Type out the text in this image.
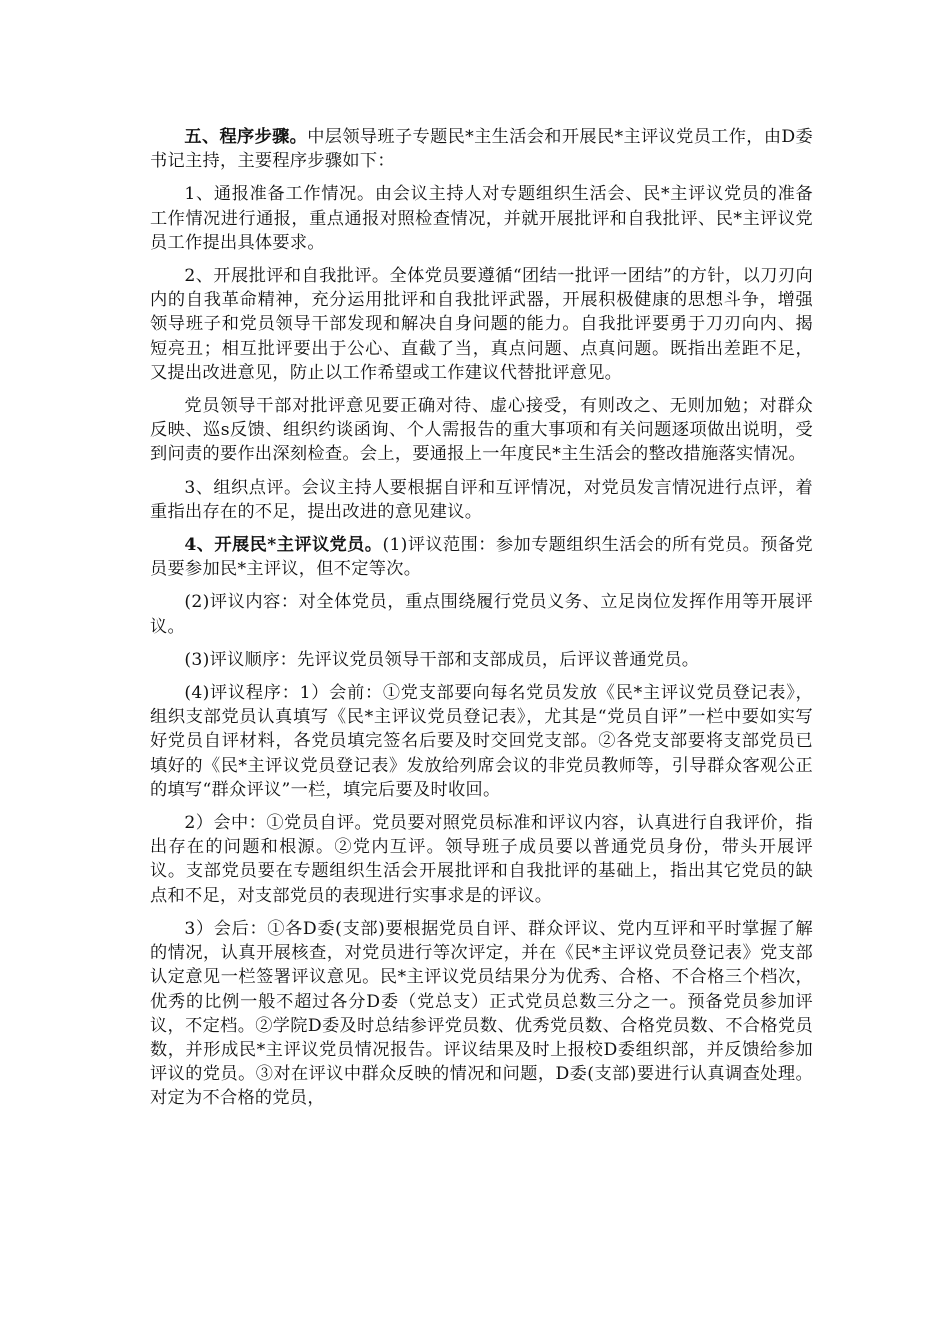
五、程序步骤。中层领导班子专题民*主生活会和开展民*主评议党员工作，由D委书记主持，主要程序步骤如下：

1、通报准备工作情况。由会议主持人对专题组织生活会、民*主评议党员的准备工作情况进行通报，重点通报对照检查情况，并就开展批评和自我批评、民*主评议党员工作提出具体要求。

2、开展批评和自我批评。全体党员要遵循“团结一批评一团结”的方针，以刀刃向内的自我革命精神，充分运用批评和自我批评武器，开展积极健康的思想斗争，增强领导班子和党员领导干部发现和解决自身问题的能力。自我批评要勇于刀刃向内、揭短亮丑；相互批评要出于公心、直截了当，真点问题、点真问题。既指出差距不足，又提出改进意见，防止以工作希望或工作建议代替批评意见。

党员领导干部对批评意见要正确对待、虚心接受，有则改之、无则加勉；对群众反映、巡s反馈、组织约谈函询、个人需报告的重大事项和有关问题逐项做出说明，受到问责的要作出深刻检查。会上，要通报上一年度民*主生活会的整改措施落实情况。

3、组织点评。会议主持人要根据自评和互评情况，对党员发言情况进行点评，着重指出存在的不足，提出改进的意见建议。

4、开展民*主评议党员。(1)评议范围：参加专题组织生活会的所有党员。预备党员要参加民*主评议，但不定等次。

(2)评议内容：对全体党员，重点围绕履行党员义务、立足岗位发挥作用等开展评议。

(3)评议顺序：先评议党员领导干部和支部成员，后评议普通党员。

(4)评议程序：1）会前：①党支部要向每名党员发放《民*主评议党员登记表》，组织支部党员认真填写《民*主评议党员登记表》，尤其是“党员自评”一栏中要如实写好党员自评材料，各党员填完签名后要及时交回党支部。②各党支部要将支部党员已填好的《民*主评议党员登记表》发放给列席会议的非党员教师等，引导群众客观公正的填写“群众评议”一栏，填完后要及时收回。

2）会中：①党员自评。党员要对照党员标准和评议内容，认真进行自我评价，指出存在的问题和根源。②党内互评。领导班子成员要以普通党员身份，带头开展评议。支部党员要在专题组织生活会开展批评和自我批评的基础上，指出其它党员的缺点和不足，对支部党员的表现进行实事求是的评议。

3）会后：①各D委(支部)要根据党员自评、群众评议、党内互评和平时掌握了解的情况，认真开展核查，对党员进行等次评定，并在《民*主评议党员登记表》党支部认定意见一栏签署评议意见。民*主评议党员结果分为优秀、合格、不合格三个档次，优秀的比例一般不超过各分D委（党总支）正式党员总数三分之一。预备党员参加评议，不定档。②学院D委及时总结参评党员数、优秀党员数、合格党员数、不合格党员数，并形成民*主评议党员情况报告。评议结果及时上报校D委组织部，并反馈给参加评议的党员。③对在评议中群众反映的情况和问题，D委(支部)要进行认真调查处理。对定为不合格的党员，
